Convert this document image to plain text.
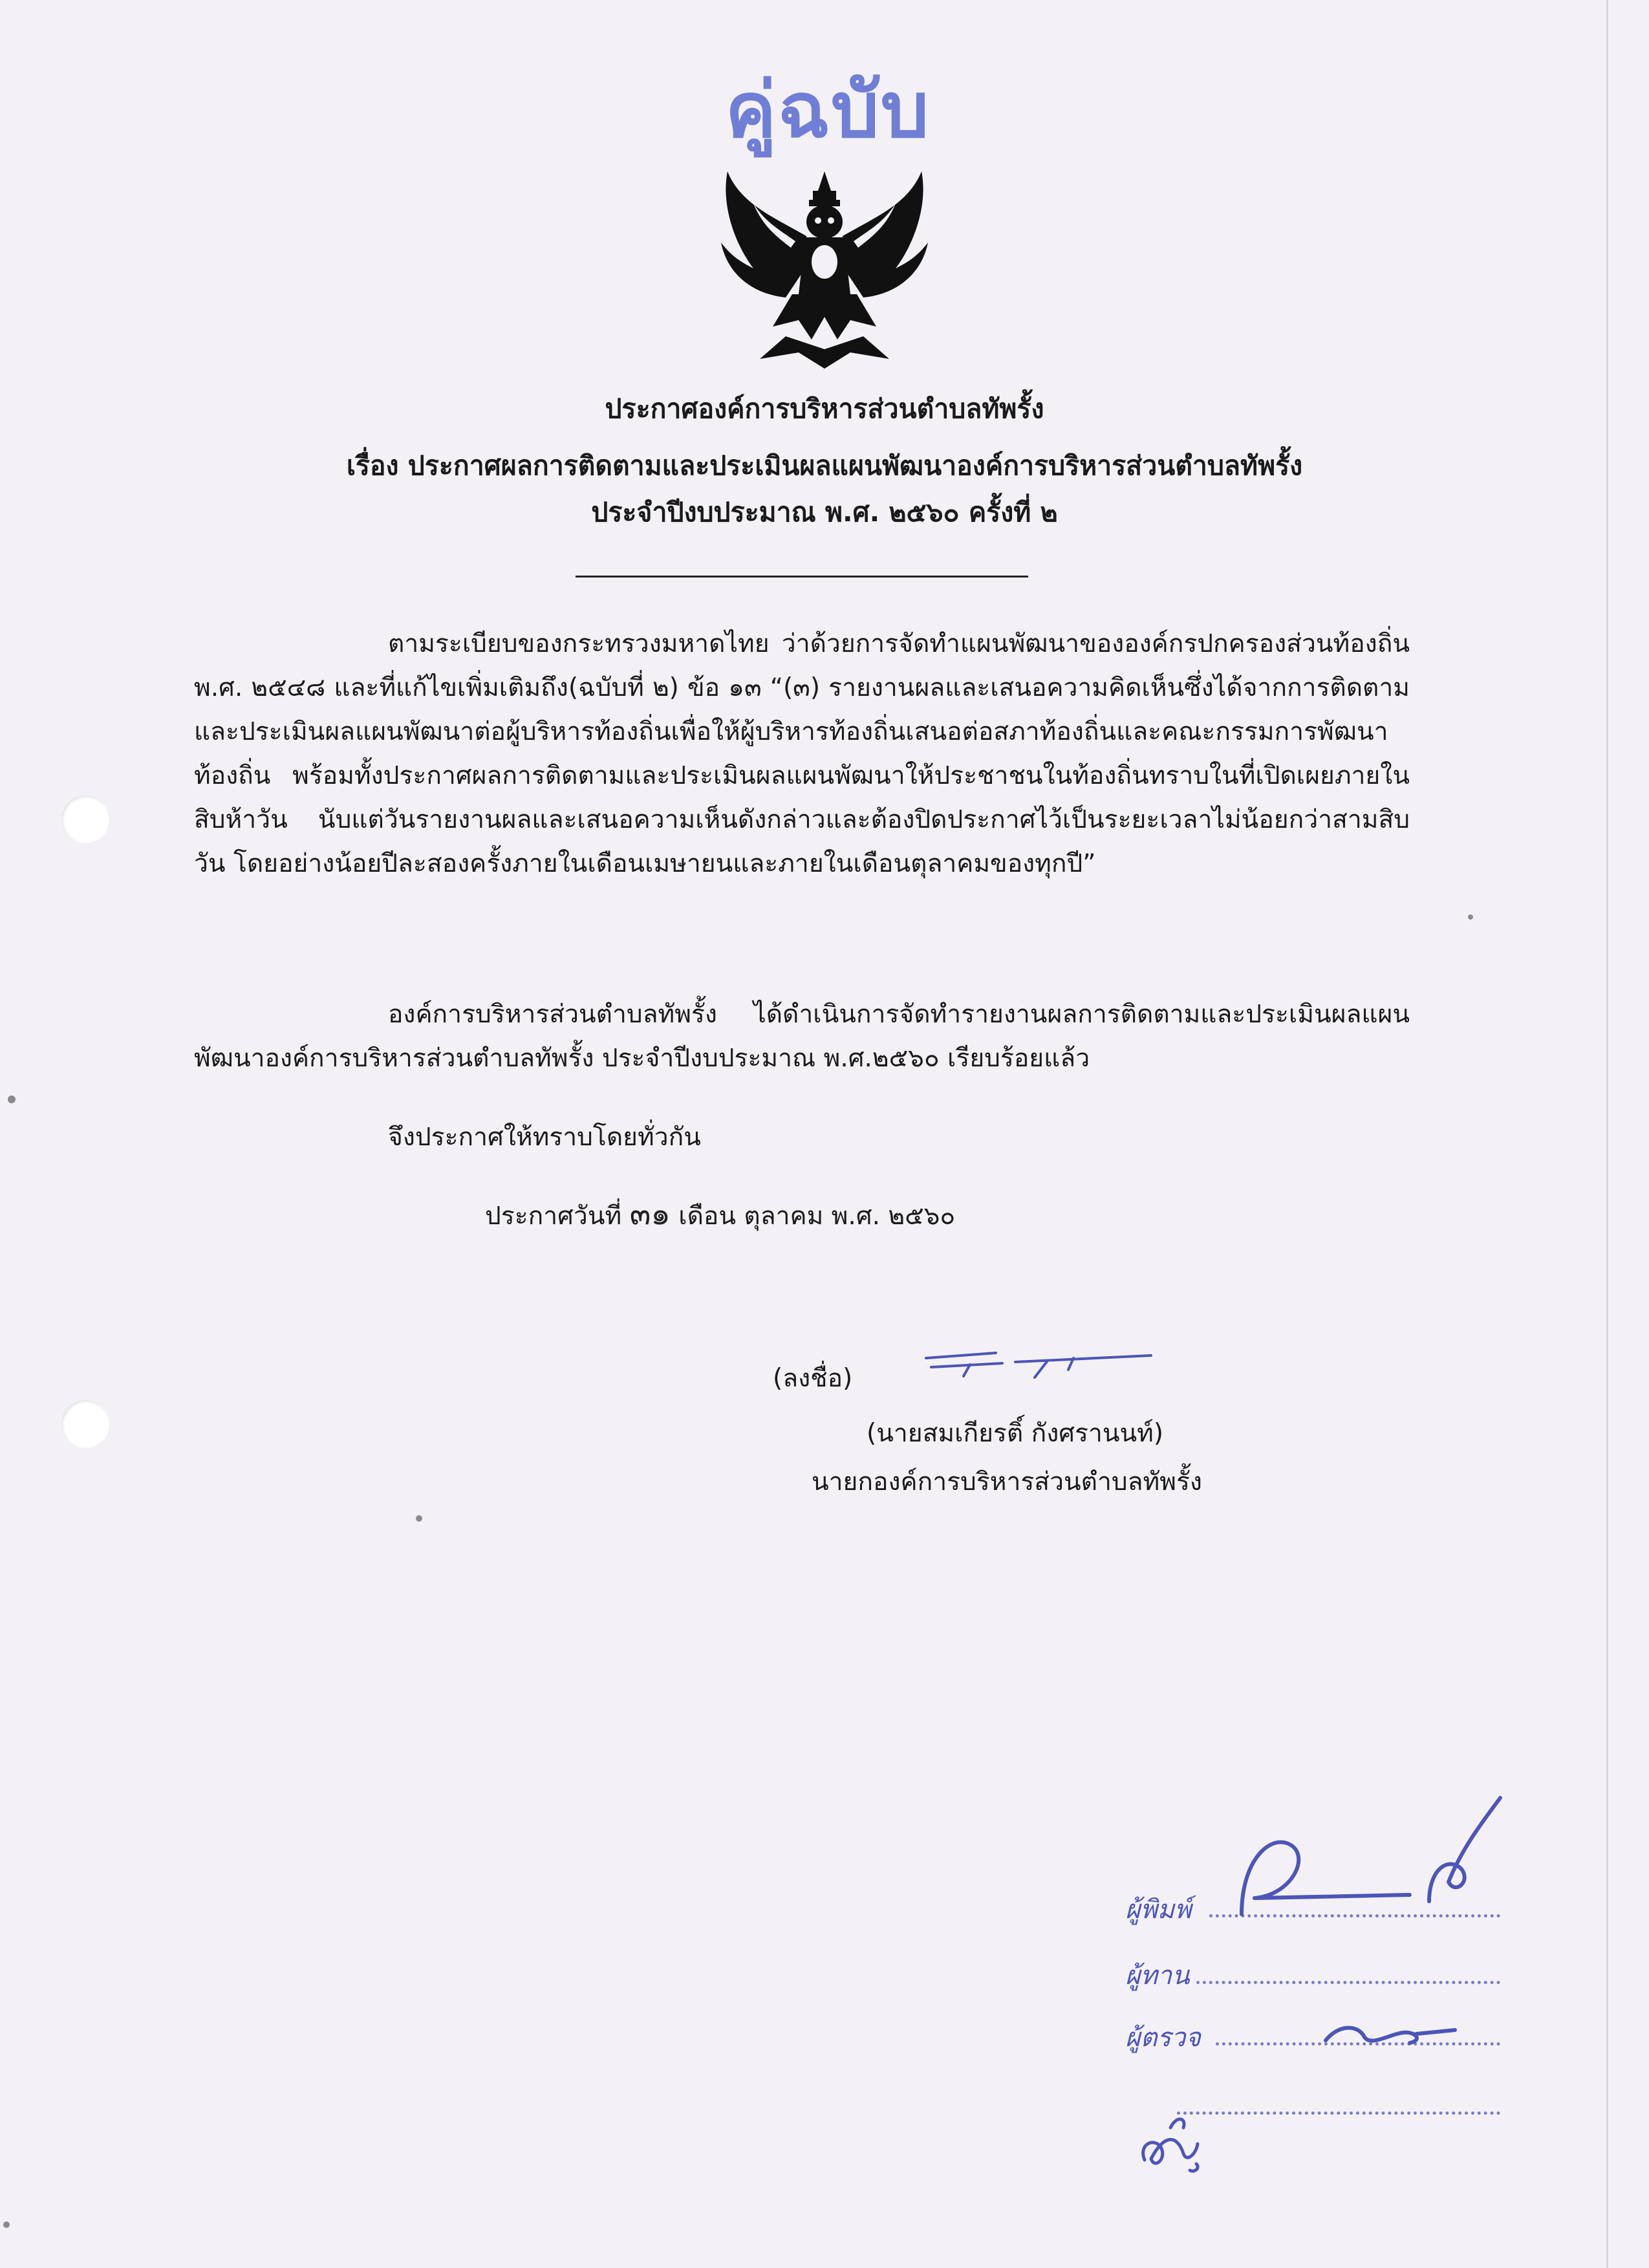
คู่ฉบับ
ประกาศองค์การบริหารส่วนตำบลทัพรั้ง
เรื่อง ประกาศผลการติดตามและประเมินผลแผนพัฒนาองค์การบริหารส่วนตำบลทัพรั้ง
ประจำปีงบประมาณ พ.ศ. ๒๕๖๐ ครั้งที่ ๒
ตามระเบียบของกระทรวงมหาดไทย ว่าด้วยการจัดทำแผนพัฒนาขององค์กรปกครองส่วนท้องถิ่น พ.ศ. ๒๕๔๘ และที่แก้ไขเพิ่มเติมถึง(ฉบับที่ ๒) ข้อ ๑๓ “(๓) รายงานผลและเสนอความคิดเห็นซึ่งได้จากการติดตามและประเมินผลแผนพัฒนาต่อผู้บริหารท้องถิ่นเพื่อให้ผู้บริหารท้องถิ่นเสนอต่อสภาท้องถิ่นและคณะกรรมการพัฒนาท้องถิ่น พร้อมทั้งประกาศผลการติดตามและประเมินผลแผนพัฒนาให้ประชาชนในท้องถิ่นทราบในที่เปิดเผยภายในสิบห้าวัน นับแต่วันรายงานผลและเสนอความเห็นดังกล่าวและต้องปิดประกาศไว้เป็นระยะเวลาไม่น้อยกว่าสามสิบวัน โดยอย่างน้อยปีละสองครั้งภายในเดือนเมษายนและภายในเดือนตุลาคมของทุกปี”
องค์การบริหารส่วนตำบลทัพรั้ง ได้ดำเนินการจัดทำรายงานผลการติดตามและประเมินผลแผนพัฒนาองค์การบริหารส่วนตำบลทัพรั้ง ประจำปีงบประมาณ พ.ศ.๒๕๖๐ เรียบร้อยแล้ว
จึงประกาศให้ทราบโดยทั่วกัน
ประกาศวันที่ ๓๑ เดือน ตุลาคม พ.ศ. ๒๕๖๐
(ลงชื่อ)
(นายสมเกียรติ์ กังศรานนท์)
นายกองค์การบริหารส่วนตำบลทัพรั้ง
ผู้พิมพ์
ผู้ทาน
ผู้ตรวจ
